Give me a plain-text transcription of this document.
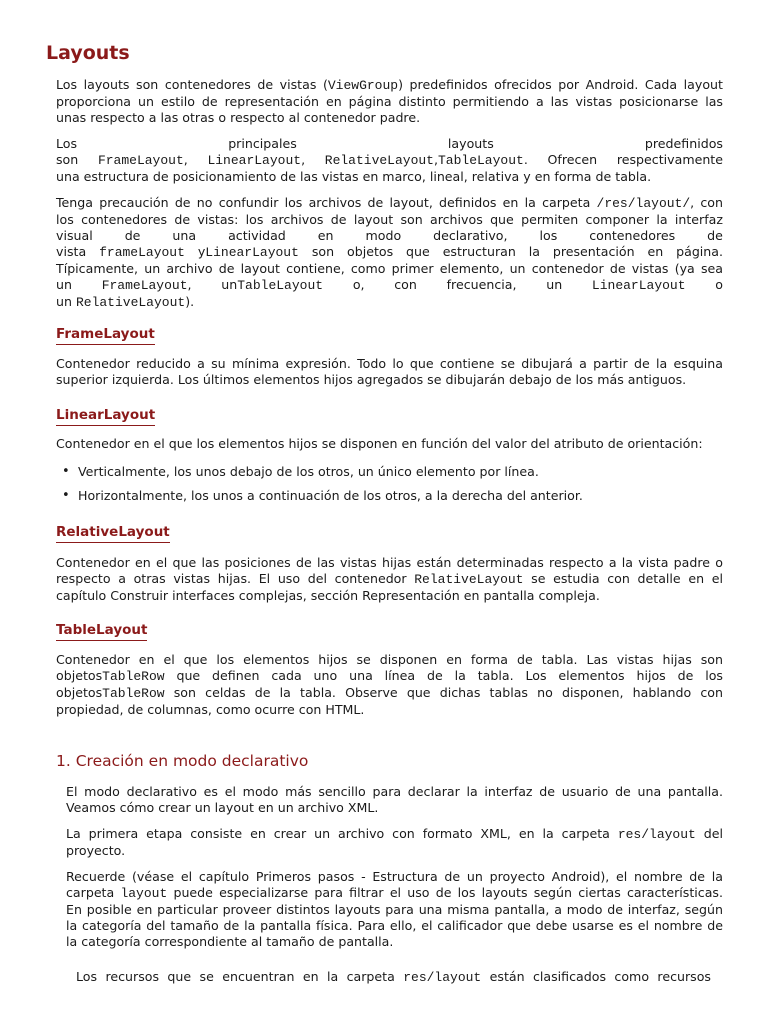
Layouts
Los layouts son contenedores de vistas (ViewGroup) predefinidos ofrecidos por Android. Cada layout
proporciona un estilo de representación en página distinto permitiendo a las vistas posicionarse las
unas respecto a las otras o respecto al contenedor padre.
Los	principales	layouts	predefinidos
son FrameLayout, LinearLayout, RelativeLayout,TableLayout. Ofrecen respectivamente
una estructura de posicionamiento de las vistas en marco, lineal, relativa y en forma de tabla.
Tenga precaución de no confundir los archivos de layout, definidos en la carpeta /res/layout/, con
los contenedores de vistas: los archivos de layout son archivos que permiten componer la interfaz
visual	de	una	actividad	en	modo	declarativo,	los	contenedores	de
vista frameLayout yLinearLayout son objetos que estructuran la presentación en página.
Típicamente, un archivo de layout contiene, como primer elemento, un contenedor de vistas (ya sea
un FrameLayout, unTableLayout o, con frecuencia, un LinearLayout o
un RelativeLayout).
FrameLayout
Contenedor reducido a su mínima expresión. Todo lo que contiene se dibujará a partir de la esquina
superior izquierda. Los últimos elementos hijos agregados se dibujarán debajo de los más antiguos.
LinearLayout
Contenedor en el que los elementos hijos se disponen en función del valor del atributo de orientación:
• Verticalmente, los unos debajo de los otros, un único elemento por línea.
• Horizontalmente, los unos a continuación de los otros, a la derecha del anterior.
RelativeLayout
Contenedor en el que las posiciones de las vistas hijas están determinadas respecto a la vista padre o
respecto a otras vistas hijas. El uso del contenedor RelativeLayout se estudia con detalle en el
capítulo Construir interfaces complejas, sección Representación en pantalla compleja.
TableLayout
Contenedor en el que los elementos hijos se disponen en forma de tabla. Las vistas hijas son
objetosTableRow que definen cada uno una línea de la tabla. Los elementos hijos de los
objetosTableRow son celdas de la tabla. Observe que dichas tablas no disponen, hablando con
propiedad, de columnas, como ocurre con HTML.
1. Creación en modo declarativo
El modo declarativo es el modo más sencillo para declarar la interfaz de usuario de una pantalla.
Veamos cómo crear un layout en un archivo XML.
La primera etapa consiste en crear un archivo con formato XML, en la carpeta res/layout del
proyecto.
Recuerde (véase el capítulo Primeros pasos - Estructura de un proyecto Android), el nombre de la
carpeta layout puede especializarse para filtrar el uso de los layouts según ciertas características.
En posible en particular proveer distintos layouts para una misma pantalla, a modo de interfaz, según
la categoría del tamaño de la pantalla física. Para ello, el calificador que debe usarse es el nombre de
la categoría correspondiente al tamaño de pantalla.
Los recursos que se encuentran en la carpeta res/layout están clasificados como recursos
